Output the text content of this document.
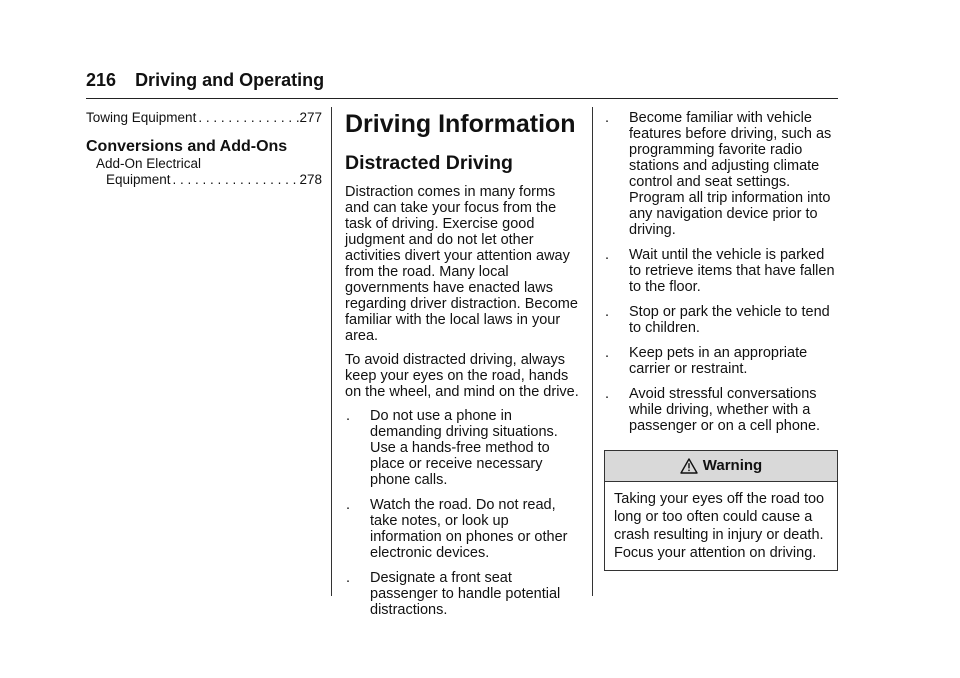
216 Driving and Operating
Towing Equipment . . .	277
Conversions and Add-Ons
Add-On Electrical
Equipment . . .	278
Driving Information
Distracted Driving

Distraction comes in many forms and can take your focus from the task of driving. Exercise good judgment and do not let other activities divert your attention away from the road. Many local governments have enacted laws regarding driver distraction. Become familiar with the local laws in your area.

To avoid distracted driving, always keep your eyes on the road, hands on the wheel, and mind on the drive.

.	Do not use a phone in demanding driving situations. Use a hands-free method to place or receive necessary phone calls.
.	Watch the road. Do not read, take notes, or look up information on phones or other electronic devices.
.	Designate a front seat passenger to handle potential distractions.
.	Become familiar with vehicle features before driving, such as programming favorite radio stations and adjusting climate control and seat settings. Program all trip information into any navigation device prior to driving.
.	Wait until the vehicle is parked to retrieve items that have fallen to the floor.
.	Stop or park the vehicle to tend to children.
.	Keep pets in an appropriate carrier or restraint.
.	Avoid stressful conversations while driving, whether with a passenger or on a cell phone.
Warning
Taking your eyes off the road too long or too often could cause a crash resulting in injury or death. Focus your attention on driving.
